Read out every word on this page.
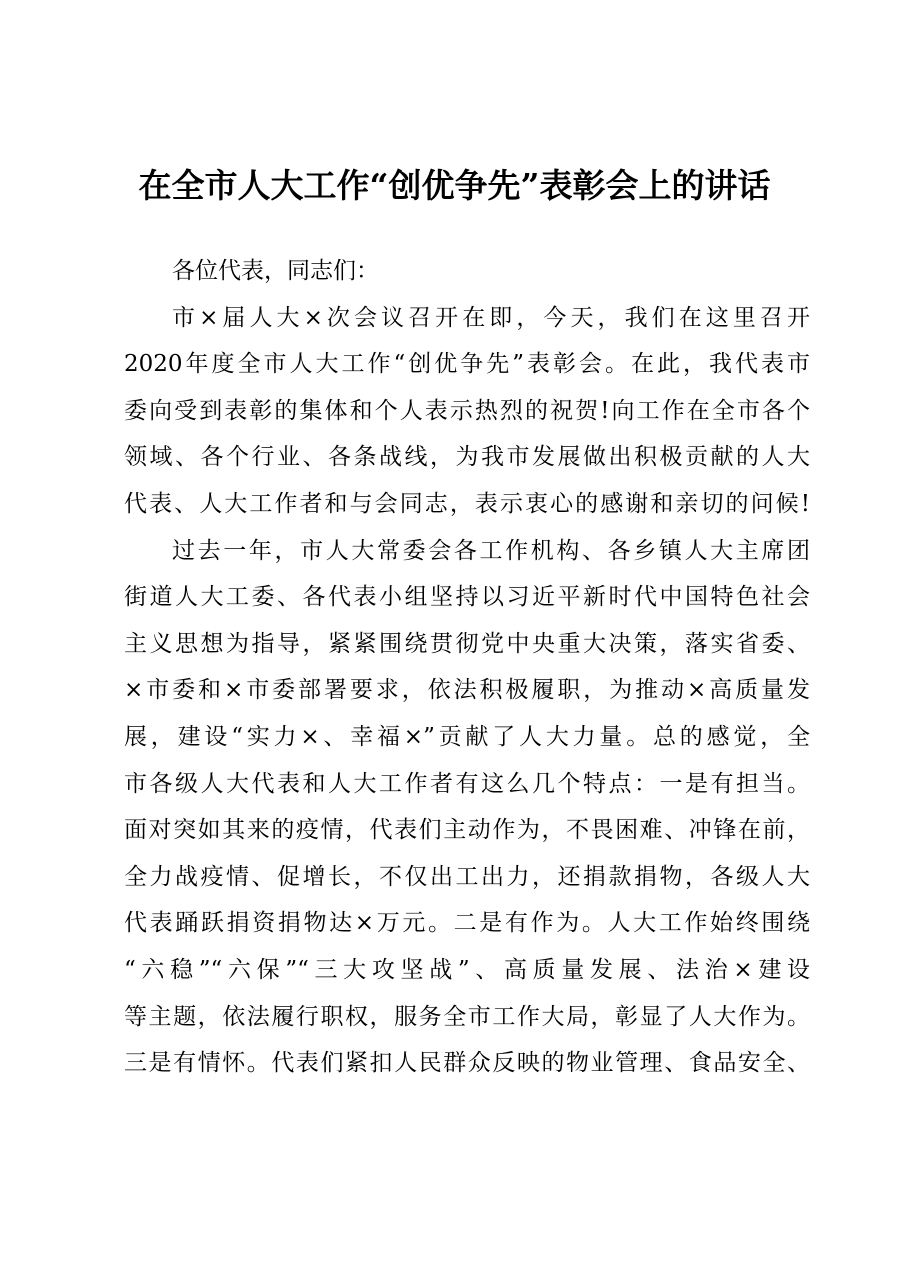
在全市人大工作“创优争先”表彰会上的讲话
各位代表，同志们：
市×届人大×次会议召开在即，今天，我们在这里召开
2020年度全市人大工作“创优争先”表彰会。在此，我代表市
委向受到表彰的集体和个人表示热烈的祝贺!向工作在全市各个
领域、各个行业、各条战线，为我市发展做出积极贡献的人大
代表、人大工作者和与会同志，表示衷心的感谢和亲切的问候!
过去一年，市人大常委会各工作机构、各乡镇人大主席团
街道人大工委、各代表小组坚持以习近平新时代中国特色社会
主义思想为指导，紧紧围绕贯彻党中央重大决策，落实省委、
×市委和×市委部署要求，依法积极履职，为推动×高质量发
展，建设“实力×、幸福×”贡献了人大力量。总的感觉，全
市各级人大代表和人大工作者有这么几个特点：一是有担当。
面对突如其来的疫情，代表们主动作为，不畏困难、冲锋在前，
全力战疫情、促增长，不仅出工出力，还捐款捐物，各级人大
代表踊跃捐资捐物达×万元。二是有作为。人大工作始终围绕
“六稳”“六保”“三大攻坚战”、高质量发展、法治×建设
等主题，依法履行职权，服务全市工作大局，彰显了人大作为。
三是有情怀。代表们紧扣人民群众反映的物业管理、食品安全、
